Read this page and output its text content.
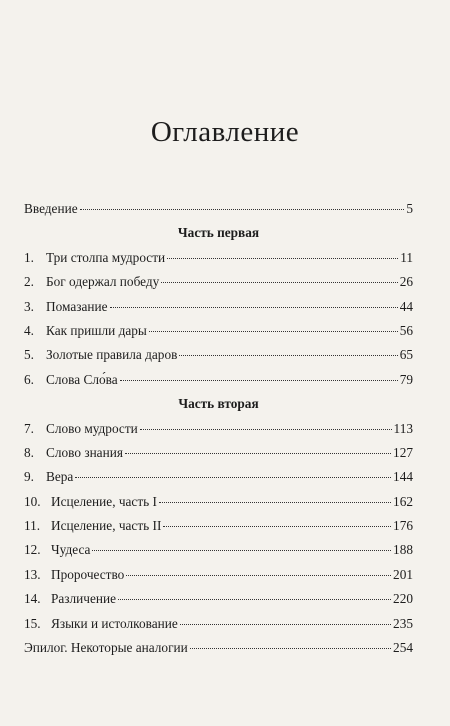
Оглавление
Введение	5
Часть первая
1. Три столпа мудрости	11
2. Бог одержал победу	26
3. Помазание	44
4. Как пришли дары	56
5. Золотые правила даров	65
6. Слова Сло́ва	79
Часть вторая
7. Слово мудрости	113
8. Слово знания	127
9. Вера	144
10. Исцеление, часть I	162
11. Исцеление, часть II	176
12. Чудеса	188
13. Пророчество	201
14. Различение	220
15. Языки и истолкование	235
Эпилог. Некоторые аналогии	254
